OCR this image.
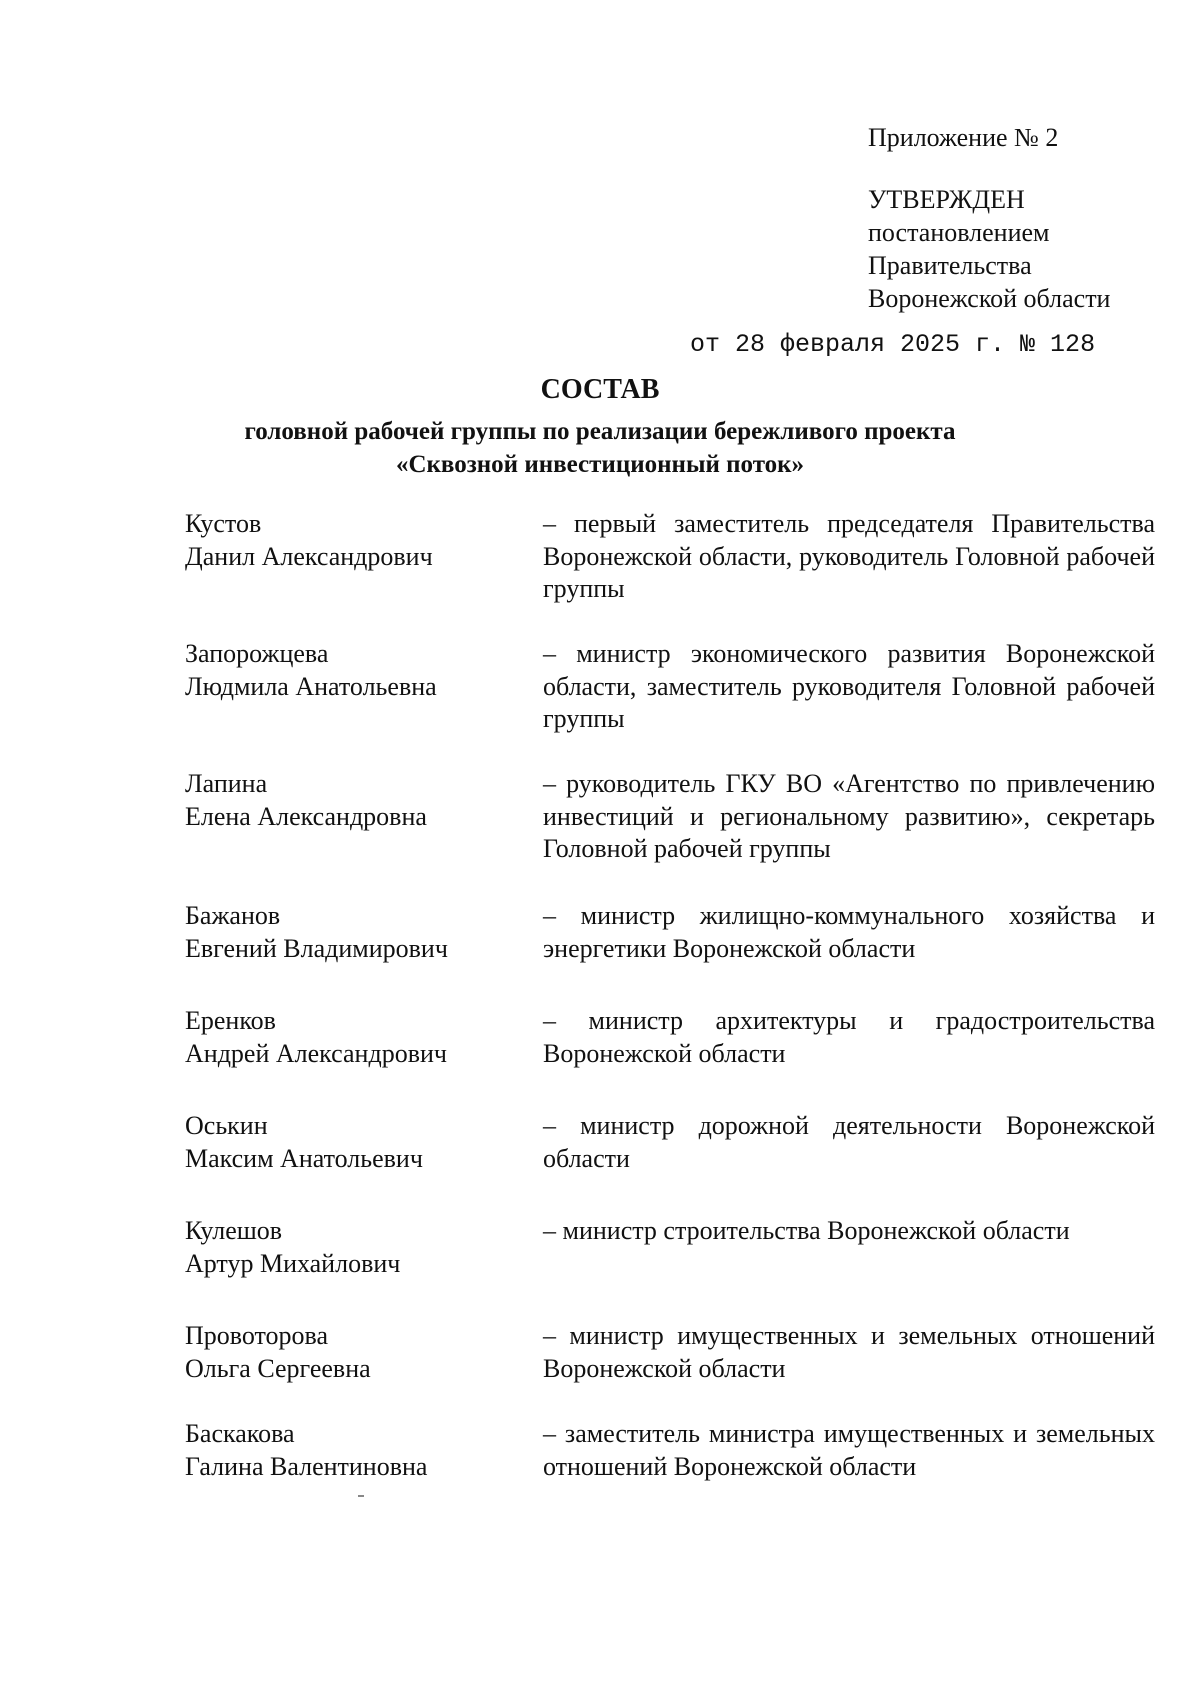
Приложение № 2
УТВЕРЖДЕН
постановлением
Правительства
Воронежской области
от 28 февраля 2025 г. № 128
СОСТАВ
головной рабочей группы по реализации бережливого проекта
«Сквозной инвестиционный поток»
Кустов
Данил Александрович
– первый заместитель председателя Правительства Воронежской области, руководитель Головной рабочей группы
Запорожцева
Людмила Анатольевна
– министр экономического развития Воронежской области, заместитель руководителя Головной рабочей группы
Лапина
Елена Александровна
– руководитель ГКУ ВО «Агентство по привлечению инвестиций и региональному развитию», секретарь Головной рабочей группы
Бажанов
Евгений Владимирович
– министр жилищно-коммунального хозяйства и энергетики Воронежской области
Еренков
Андрей Александрович
– министр архитектуры и градостроительства Воронежской области
Оськин
Максим Анатольевич
– министр дорожной деятельности Воронежской области
Кулешов
Артур Михайлович
– министр строительства Воронежской области
Провоторова
Ольга Сергеевна
– министр имущественных и земельных отношений Воронежской области
Баскакова
Галина Валентиновна
– заместитель министра имущественных и земельных отношений Воронежской области
